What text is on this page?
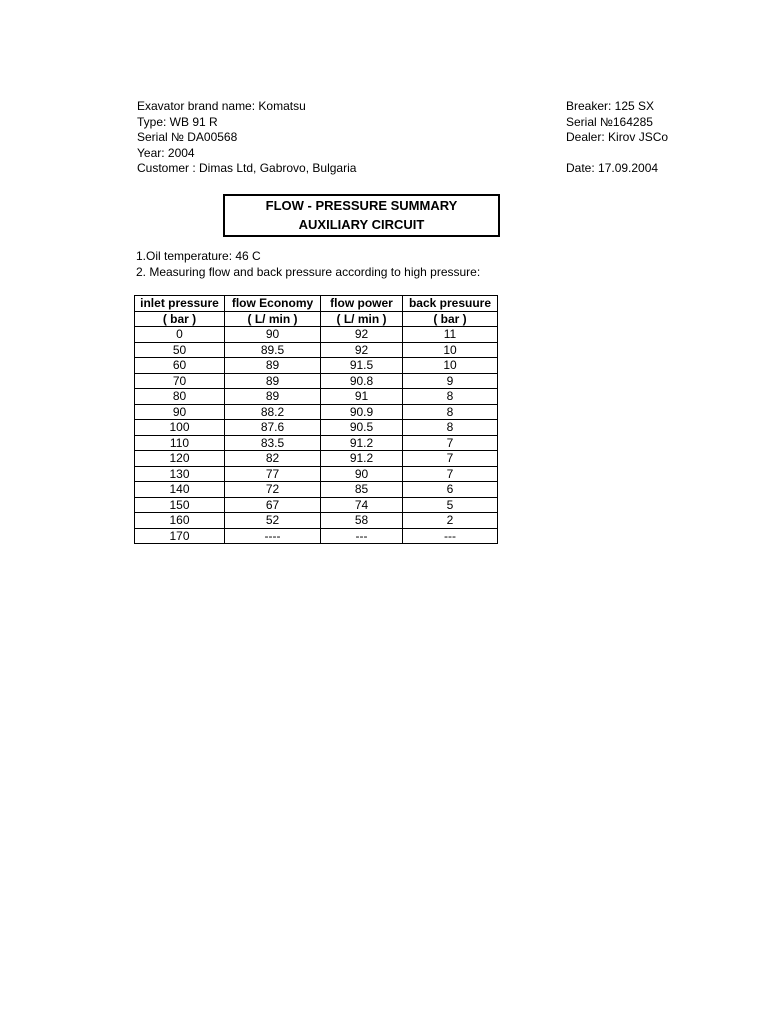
Exavator brand name: Komatsu
Type: WB 91 R
Serial № DA00568
Year: 2004
Customer : Dimas Ltd, Gabrovo, Bulgaria
Breaker: 125 SX
Serial №164285
Dealer: Kirov JSCo
Date: 17.09.2004
FLOW - PRESSURE SUMMARY
AUXILIARY CIRCUIT
1.Oil temperature: 46 C
2. Measuring flow and back pressure according to high pressure:
inlet pressure	flow Economy	flow power	back presuure
( bar )	( L/ min )	( L/ min )	( bar )
0	90	92	11
50	89.5	92	10
60	89	91.5	10
70	89	90.8	9
80	89	91	8
90	88.2	90.9	8
100	87.6	90.5	8
110	83.5	91.2	7
120	82	91.2	7
130	77	90	7
140	72	85	6
150	67	74	5
160	52	58	2
170	----	---	---
